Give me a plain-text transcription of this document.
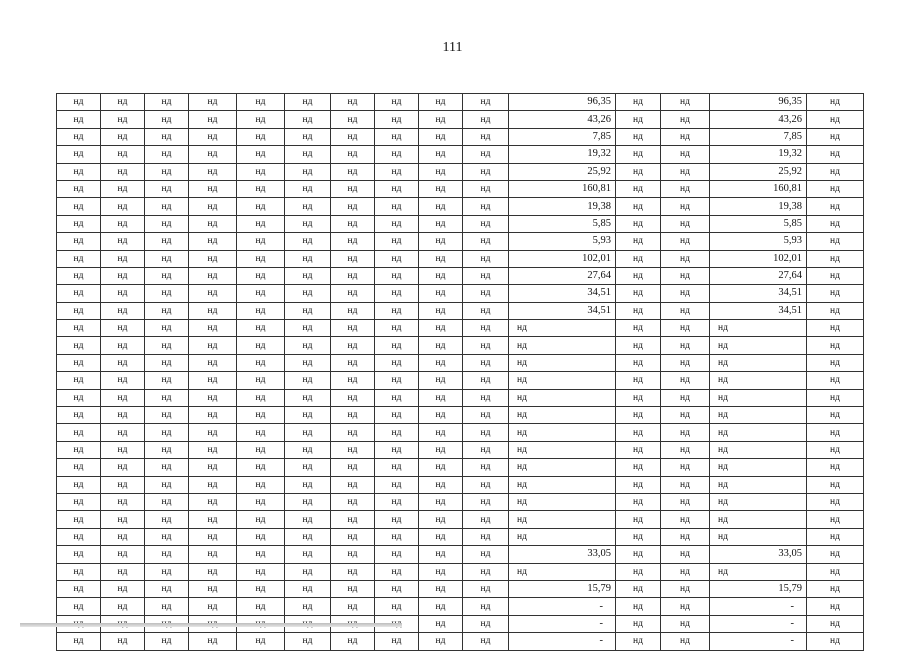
111
нд	нд	нд	нд	нд	нд	нд	нд	нд	нд	96,35	нд	нд	96,35	нд
нд	нд	нд	нд	нд	нд	нд	нд	нд	нд	43,26	нд	нд	43,26	нд
нд	нд	нд	нд	нд	нд	нд	нд	нд	нд	7,85	нд	нд	7,85	нд
нд	нд	нд	нд	нд	нд	нд	нд	нд	нд	19,32	нд	нд	19,32	нд
нд	нд	нд	нд	нд	нд	нд	нд	нд	нд	25,92	нд	нд	25,92	нд
нд	нд	нд	нд	нд	нд	нд	нд	нд	нд	160,81	нд	нд	160,81	нд
нд	нд	нд	нд	нд	нд	нд	нд	нд	нд	19,38	нд	нд	19,38	нд
нд	нд	нд	нд	нд	нд	нд	нд	нд	нд	5,85	нд	нд	5,85	нд
нд	нд	нд	нд	нд	нд	нд	нд	нд	нд	5,93	нд	нд	5,93	нд
нд	нд	нд	нд	нд	нд	нд	нд	нд	нд	102,01	нд	нд	102,01	нд
нд	нд	нд	нд	нд	нд	нд	нд	нд	нд	27,64	нд	нд	27,64	нд
нд	нд	нд	нд	нд	нд	нд	нд	нд	нд	34,51	нд	нд	34,51	нд
нд	нд	нд	нд	нд	нд	нд	нд	нд	нд	34,51	нд	нд	34,51	нд
нд	нд	нд	нд	нд	нд	нд	нд	нд	нд	нд	нд	нд	нд	нд
нд	нд	нд	нд	нд	нд	нд	нд	нд	нд	нд	нд	нд	нд	нд
нд	нд	нд	нд	нд	нд	нд	нд	нд	нд	нд	нд	нд	нд	нд
нд	нд	нд	нд	нд	нд	нд	нд	нд	нд	нд	нд	нд	нд	нд
нд	нд	нд	нд	нд	нд	нд	нд	нд	нд	нд	нд	нд	нд	нд
нд	нд	нд	нд	нд	нд	нд	нд	нд	нд	нд	нд	нд	нд	нд
нд	нд	нд	нд	нд	нд	нд	нд	нд	нд	нд	нд	нд	нд	нд
нд	нд	нд	нд	нд	нд	нд	нд	нд	нд	нд	нд	нд	нд	нд
нд	нд	нд	нд	нд	нд	нд	нд	нд	нд	нд	нд	нд	нд	нд
нд	нд	нд	нд	нд	нд	нд	нд	нд	нд	нд	нд	нд	нд	нд
нд	нд	нд	нд	нд	нд	нд	нд	нд	нд	нд	нд	нд	нд	нд
нд	нд	нд	нд	нд	нд	нд	нд	нд	нд	нд	нд	нд	нд	нд
нд	нд	нд	нд	нд	нд	нд	нд	нд	нд	нд	нд	нд	нд	нд
нд	нд	нд	нд	нд	нд	нд	нд	нд	нд	33,05	нд	нд	33,05	нд
нд	нд	нд	нд	нд	нд	нд	нд	нд	нд	нд	нд	нд	нд	нд
нд	нд	нд	нд	нд	нд	нд	нд	нд	нд	15,79	нд	нд	15,79	нд
нд	нд	нд	нд	нд	нд	нд	нд	нд	нд	-	нд	нд	-	нд
								нд	нд	-	нд	нд	-	нд
нд	нд	нд	нд	нд	нд	нд	нд	нд	нд	-	нд	нд	-	нд
